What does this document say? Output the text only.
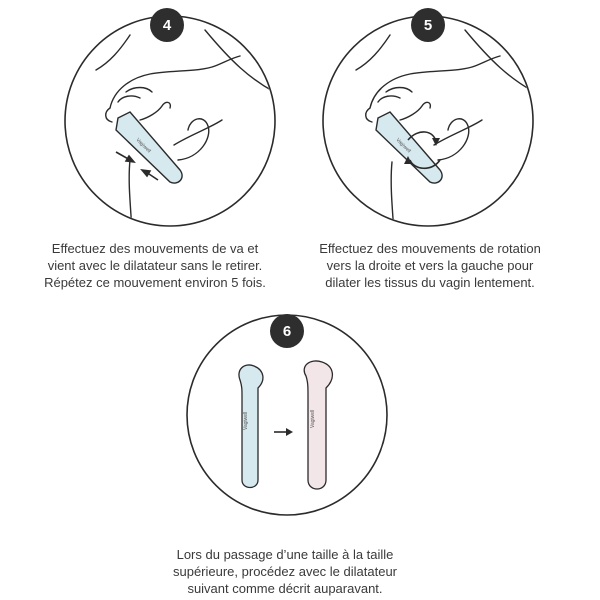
Vagiwell
4
Effectuez des mouvements de va et
vient avec le dilatateur sans le retirer.
Répétez ce mouvement environ 5 fois.
Vagiwell
5
Effectuez des mouvements de rotation
vers la droite et vers la gauche pour
dilater les tissus du vagin lentement.
Vagiwell	Vagiwell
6
Lors du passage d’une taille à la taille
supérieure, procédez avec le dilatateur
suivant comme décrit auparavant.
